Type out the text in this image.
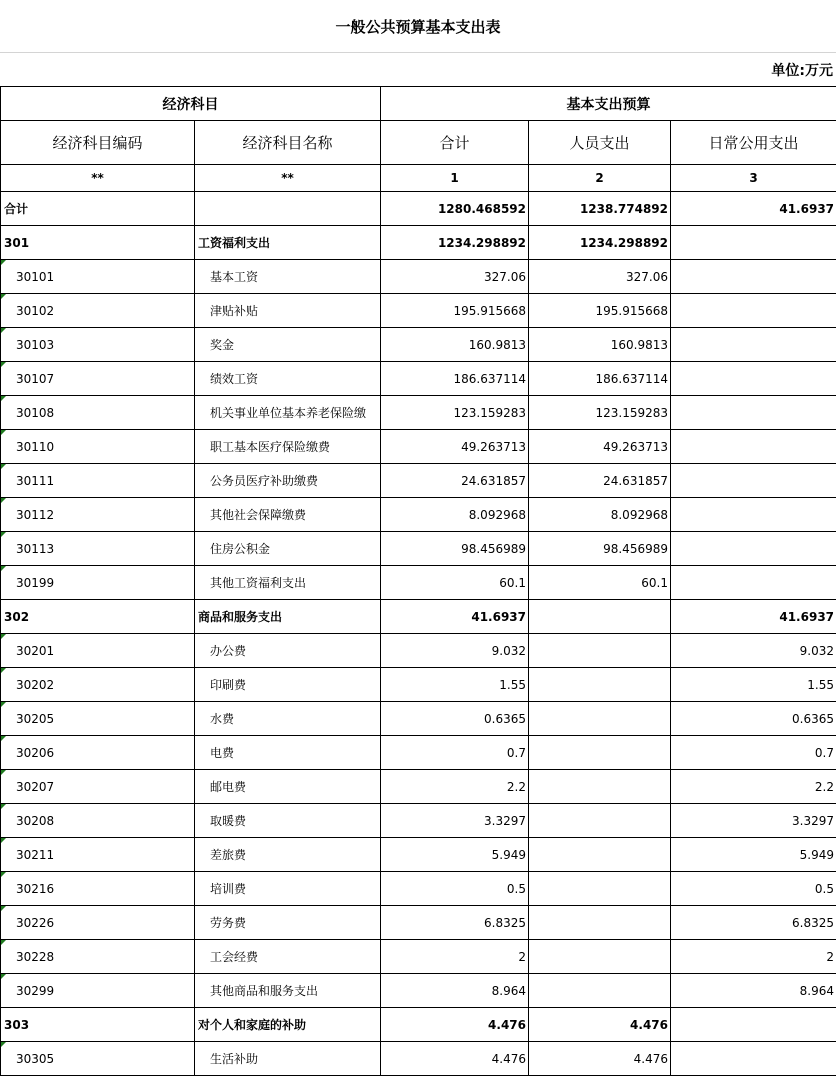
一般公共预算基本支出表
单位:万元
经济科目		基本支出预算		
经济科目编码	经济科目名称	合计	人员支出	日常公用支出
**	**	1	2	3
合计		1280.468592	1238.774892	41.6937
301	工资福利支出	1234.298892	1234.298892	
30101	基本工资	327.06	327.06	
30102	津贴补贴	195.915668	195.915668	
30103	奖金	160.9813	160.9813	
30107	绩效工资	186.637114	186.637114	
30108	机关事业单位基本养老保险缴	123.159283	123.159283	
30110	职工基本医疗保险缴费	49.263713	49.263713	
30111	公务员医疗补助缴费	24.631857	24.631857	
30112	其他社会保障缴费	8.092968	8.092968	
30113	住房公积金	98.456989	98.456989	
30199	其他工资福利支出	60.1	60.1	
302	商品和服务支出	41.6937		41.6937
30201	办公费	9.032		9.032
30202	印刷费	1.55		1.55
30205	水费	0.6365		0.6365
30206	电费	0.7		0.7
30207	邮电费	2.2		2.2
30208	取暖费	3.3297		3.3297
30211	差旅费	5.949		5.949
30216	培训费	0.5		0.5
30226	劳务费	6.8325		6.8325
30228	工会经费	2		2
30299	其他商品和服务支出	8.964		8.964
303	对个人和家庭的补助	4.476	4.476	
30305	生活补助	4.476	4.476	
